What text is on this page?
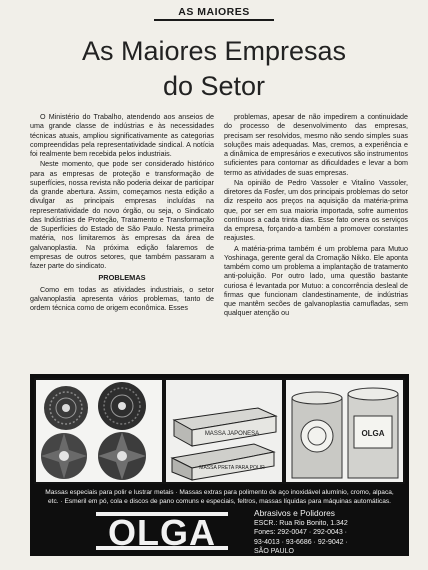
AS MAIORES
As Maiores Empresas
do Setor

O Ministério do Trabalho, atendendo aos anseios de uma grande classe de indústrias e às necessidades técnicas atuais, ampliou significativamente as categorias compreendidas pela representatividade sindical. A notícia foi realmente bem recebida pelos industriais.

Neste momento, que pode ser considerado histórico para as empresas de proteção e transformação de superfícies, nossa revista não poderia deixar de participar da grande abertura. Assim, começamos nesta edição a divulgar as principais empresas incluídas na representatividade do novo órgão, ou seja, o Sindicato das Indústrias de Proteção, Tratamento e Transformação de Superfícies do Estado de São Paulo. Nesta primeira matéria, nos limitaremos às empresas da área de galvanoplastia. Na próxima edição falaremos de empresas de outros setores, que também passaram a fazer parte do sindicato.

PROBLEMAS

Como em todas as atividades industriais, o setor galvanoplastia apresenta vários problemas, tanto de ordem técnica como de origem econômica. Esses

problemas, apesar de não impedirem a continuidade do processo de desenvolvimento das empresas, precisam ser resolvidos, mesmo não sendo simples suas soluções mais adequadas. Mas, cremos, a experiência e a dinâmica de empresários e executivos são instrumentos suficientes para contornar as dificuldades e levar a bom termo as atividades de suas empresas.

Na opinião de Pedro Vassoler e Vitalino Vassoler, diretores da Fosfer, um dos principais problemas do setor diz respeito aos preços na aquisição da matéria-prima que, por ser em sua maioria importada, sofre aumentos contínuos a cada trinta dias. Esse fato onera os serviços da empresa, forçando-a também a promover constantes reajustes.

A matéria-prima também é um problema para Mutuo Yoshinaga, gerente geral da Cromação Nikko. Ele aponta também como um problema a implantação de tratamento anti-poluição. Por outro lado, uma questão bastante curiosa é levantada por Mutuo: a concorrência desleal de firmas que funcionam clandestinamente, de indústrias que mantêm secões de galvanoplastia camufladas, sem qualquer atenção ou

MASSA JAPONESA
MASSA PRETA PARA POLIR
OLGA
Massas especiais para polir e lustrar metais · Massas extras para polimento de aço inoxidável alumínio, cromo, alpaca, etc. · Esmeril em pó, cola e discos de pano comuns e especiais, feltros, massas líquidas para máquinas automáticas.
OLGA	Abrasivos e Polidores
ESCR.: Rua Rio Bonito, 1.342
Fones: 292-0047 · 292-0043 ·
93-4013 · 93-6686 · 92-9042 ·
SÃO PAULO
